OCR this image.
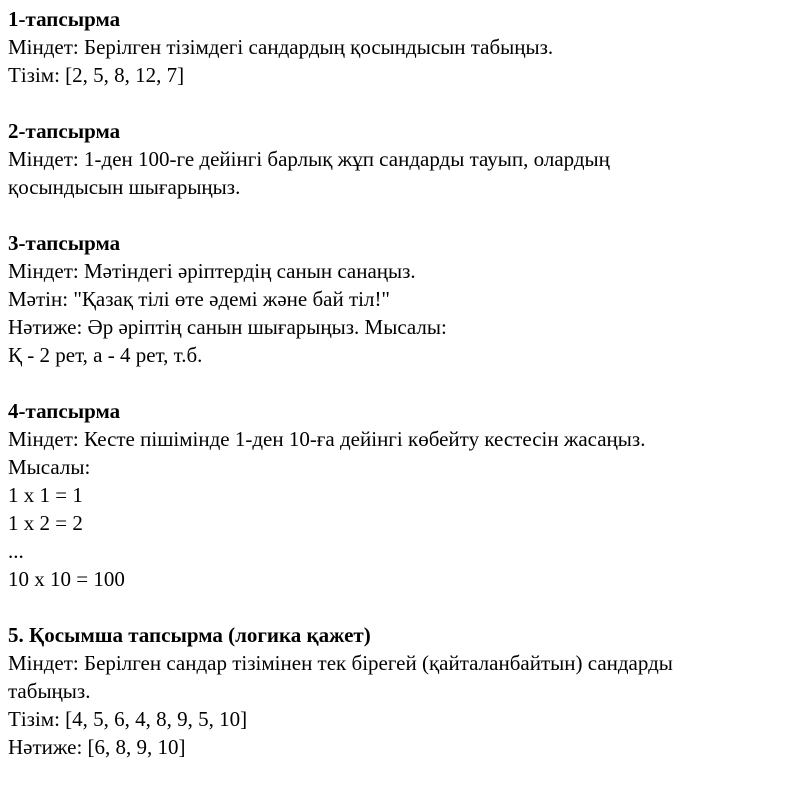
1-тапсырма

Міндет: Берілген тізімдегі сандардың қосындысын табыңыз.

Тізім: [2, 5, 8, 12, 7]

2-тапсырма

Міндет: 1-ден 100-ге дейінгі барлық жұп сандарды тауып, олардың

қосындысын шығарыңыз.

3-тапсырма

Міндет: Мәтіндегі әріптердің санын санаңыз.

Мәтін: "Қазақ тілі өте әдемі және бай тіл!"

Нәтиже: Әр әріптің санын шығарыңыз. Мысалы:

Қ - 2 рет, а - 4 рет, т.б.

4-тапсырма

Міндет: Кесте пішімінде 1-ден 10-ға дейінгі көбейту кестесін жасаңыз.

Мысалы:

1 x 1 = 1

1 x 2 = 2

...

10 x 10 = 100

5. Қосымша тапсырма (логика қажет)

Міндет: Берілген сандар тізімінен тек бірегей (қайталанбайтын) сандарды

табыңыз.

Тізім: [4, 5, 6, 4, 8, 9, 5, 10]

Нәтиже: [6, 8, 9, 10]
